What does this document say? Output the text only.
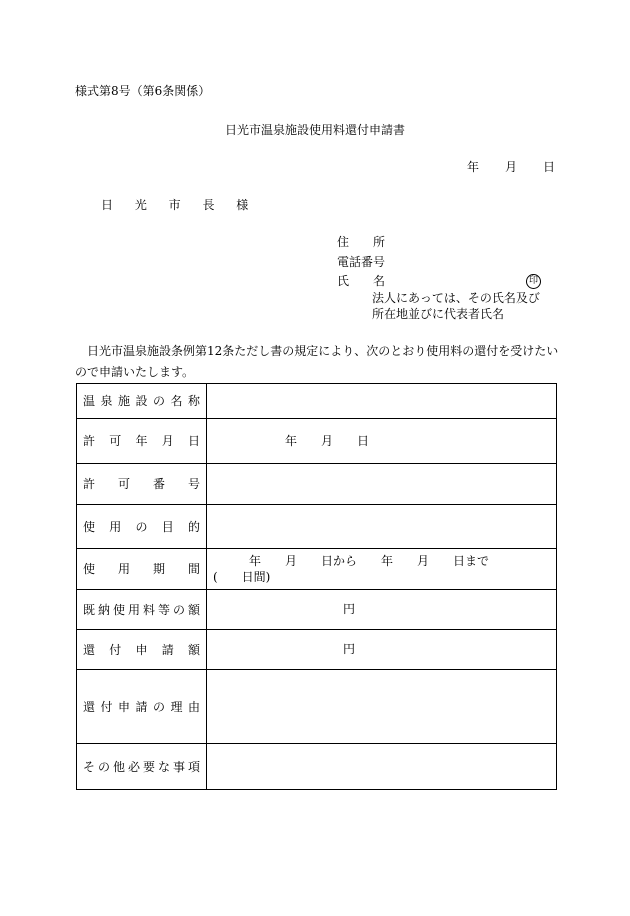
様式第8号（第6条関係）
日光市温泉施設使用料還付申請書
年 月 日
日 光 市 長 様
住　　所
電話番号
氏　　名	印
法人にあっては、その氏名及び
所在地並びに代表者氏名
日光市温泉施設条例第12条ただし書の規定により、次のとおり使用料の還付を受けたいので申請いたします。
温泉施設の名称	
許可年月日	年　　月　　日

許可番号	
使用の目的	
使用期間	年　　月　　日から　　年　　月　　日まで
(　　日間)

既納使用料等の額	円

還付申請額	円

還付申請の理由	
その他必要な事項	
